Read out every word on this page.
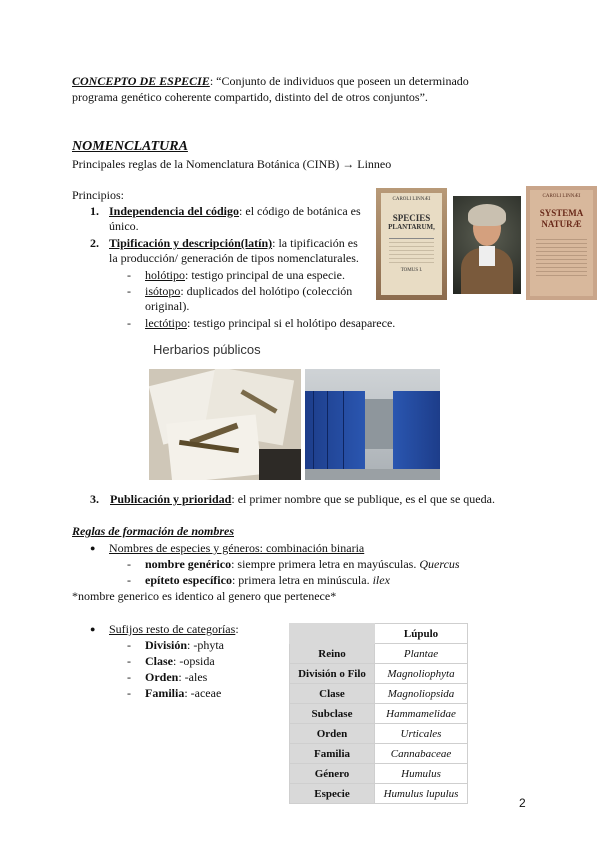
CONCEPTO DE ESPECIE: “Conjunto de individuos que poseen un determinado
programa genético coherente compartido, distinto del de otros conjuntos”.
NOMENCLATURA
Principales reglas de la Nomenclatura Botánica (CINB) → Linneo
Principios:
1. Independencia del código: el código de botánica es
único.
2. Tipificación y descripción(latín): la tipificación es
la producción/ generación de tipos nomenclaturales.
- holótipo: testigo principal de una especie.
- isótopo: duplicados del holótipo (colección
original).
- lectótipo: testigo principal si el holótipo desaparece.
CAROLI LINNÆI
SPECIES
PLANTARUM,
TOMUS I.
CAROLI LINNÆI
SYSTEMA
NATURÆ
Herbarios públicos
3. Publicación y prioridad: el primer nombre que se publique, es el que se queda.
Reglas de formación de nombres
● Nombres de especies y géneros: combinación binaria
- nombre genérico: siempre primera letra en mayúsculas. Quercus
- epíteto específico: primera letra en minúscula. ilex
*nombre generico es identico al genero que pertenece*
● Sufijos resto de categorías:
- División: -phyta
- Clase: -opsida
- Orden: -ales
- Familia: -aceae
	Lúpulo
Reino	Plantae
División o Filo	Magnoliophyta
Clase	Magnoliopsida
Subclase	Hammamelidae
Orden	Urticales
Familia	Cannabaceae
Género	Humulus
Especie	Humulus lupulus
2
